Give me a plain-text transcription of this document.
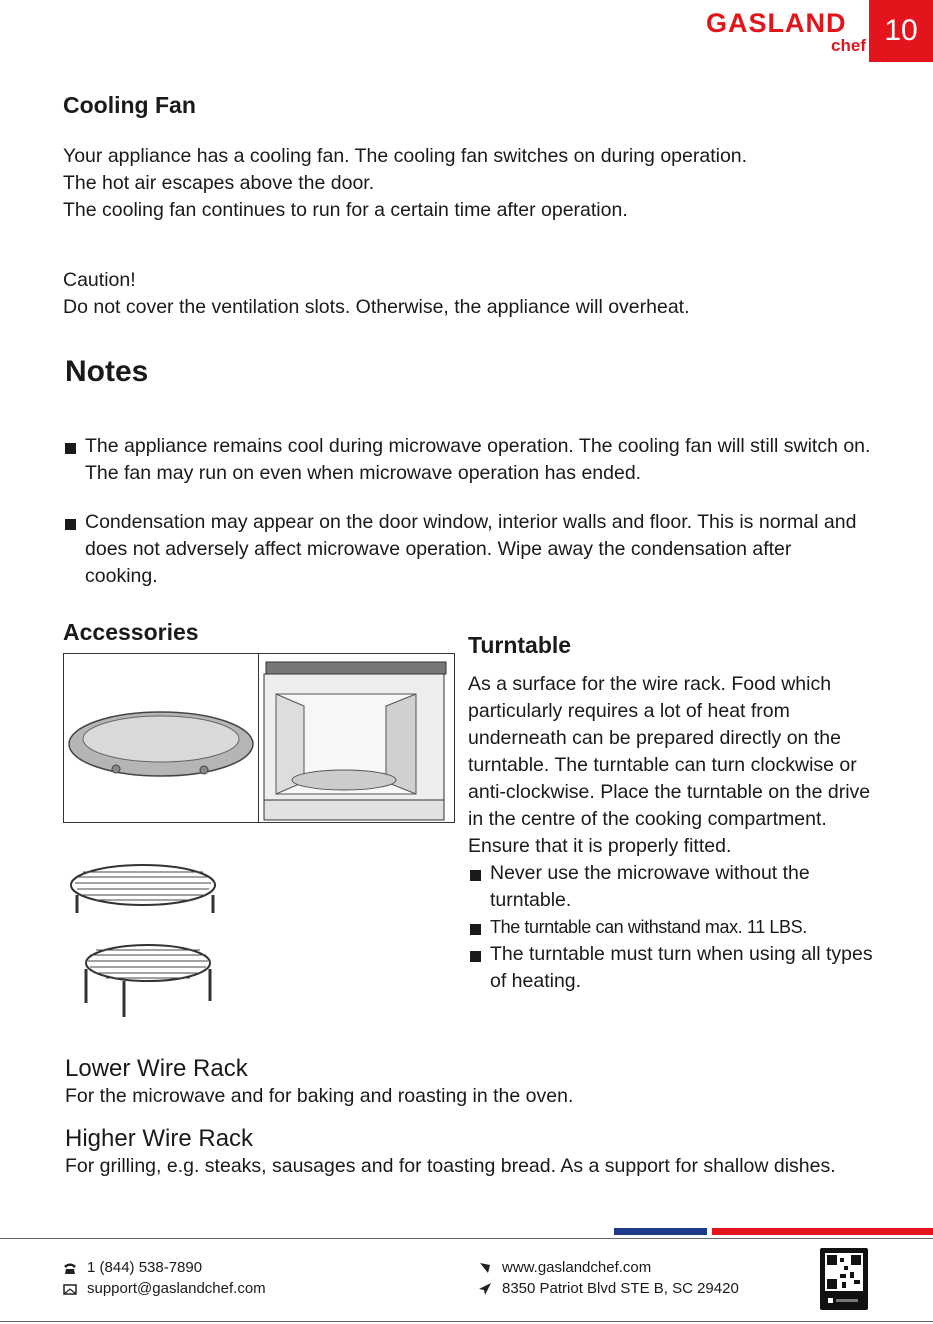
GASLAND
chef 10
Cooling Fan

Your appliance has a cooling fan. The cooling fan switches on during operation.

The hot air escapes above the door.

The cooling fan continues to run for a certain time after operation.

Caution!

Do not cover the ventilation slots. Otherwise, the appliance will overheat.

Notes

The appliance remains cool during microwave operation. The cooling fan will still switch on. The fan may run on even when microwave operation has ended.

Condensation may appear on the door window, interior walls and floor. This is normal and does not adversely affect microwave operation. Wipe away the condensation after cooking.

Accessories	Turntable

As a surface for the wire rack. Food which particularly requires a lot of heat from underneath can be prepared directly on the turntable. The turntable can turn clockwise or anti-clockwise. Place the turntable on the drive in the centre of the cooking compartment. Ensure that it is properly fitted.

Never use the microwave without the turntable.

The turntable can withstand max. 11 LBS.

The turntable must turn when using all types of heating.

Lower Wire Rack

For the microwave and for baking and roasting in the oven.

Higher Wire Rack

For grilling, e.g. steaks, sausages and for toasting bread. As a support for shallow dishes.

1 (844) 538-7890
support@gaslandchef.com
www.gaslandchef.com
8350 Patriot Blvd STE B, SC 29420
